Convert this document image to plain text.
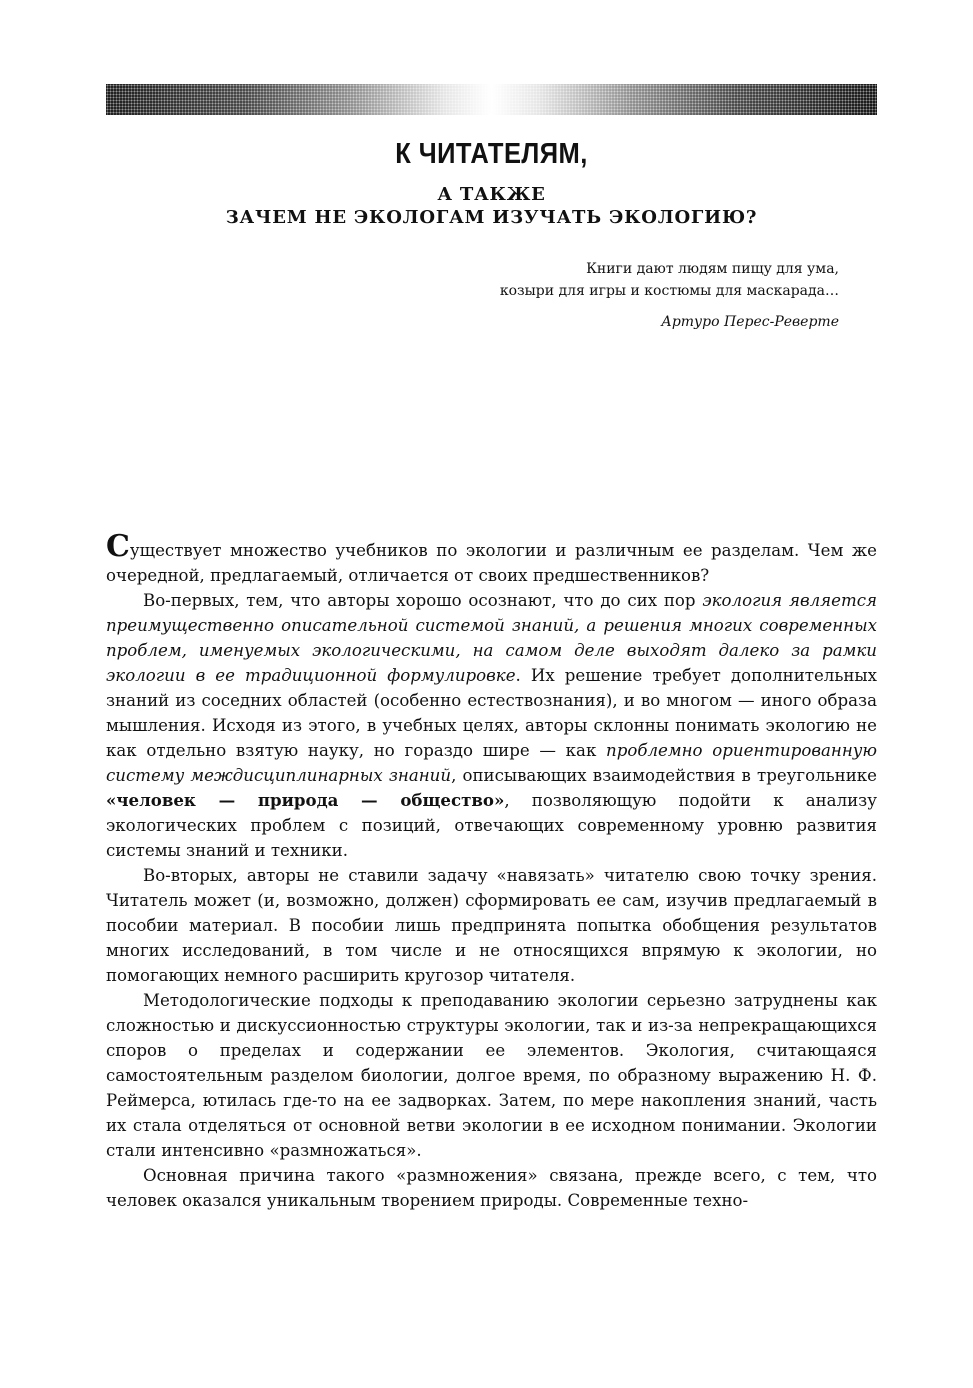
К ЧИТАТЕЛЯМ,
А ТАКЖЕ
ЗАЧЕМ НЕ ЭКОЛОГАМ ИЗУЧАТЬ ЭКОЛОГИЮ?
Книги дают людям пищу для ума,
козыри для игры и костюмы для маскарада…
Артуро Перес-Реверте

Существует множество учебников по экологии и различным ее разделам. Чем же очередной, предлагаемый, отличается от своих предшественников?

Во-первых, тем, что авторы хорошо осознают, что до сих пор экология является преимущественно описательной системой знаний, а решения многих современных проблем, именуемых экологическими, на самом деле выходят далеко за рамки экологии в ее традиционной формулировке. Их решение требует дополнительных знаний из соседних областей (особенно естествознания), и во многом — иного образа мышления. Исходя из этого, в учебных целях, авторы склонны понимать экологию не как отдельно взятую науку, но гораздо шире — как проблемно ориентированную систему междисциплинарных знаний, описывающих взаимодействия в треугольнике «человек — природа — общество», позволяющую подойти к анализу экологических проблем с позиций, отвечающих современному уровню развития системы знаний и техники.

Во-вторых, авторы не ставили задачу «навязать» читателю свою точку зрения. Читатель может (и, возможно, должен) сформировать ее сам, изучив предлагаемый в пособии материал. В пособии лишь предпринята попытка обобщения результатов многих исследований, в том числе и не относящихся впрямую к экологии, но помогающих немного расширить кругозор читателя.

Методологические подходы к преподаванию экологии серьезно затруднены как сложностью и дискуссионностью структуры экологии, так и из-за непрекращающихся споров о пределах и содержании ее элементов. Экология, считающаяся самостоятельным разделом биологии, долгое время, по образному выражению Н. Ф. Реймерса, ютилась где-то на ее задворках. Затем, по мере накопления знаний, часть их стала отделяться от основной ветви экологии в ее исходном понимании. Экологии стали интенсивно «размножаться».

Основная причина такого «размножения» связана, прежде всего, с тем, что человек оказался уникальным творением природы. Современные техно-
